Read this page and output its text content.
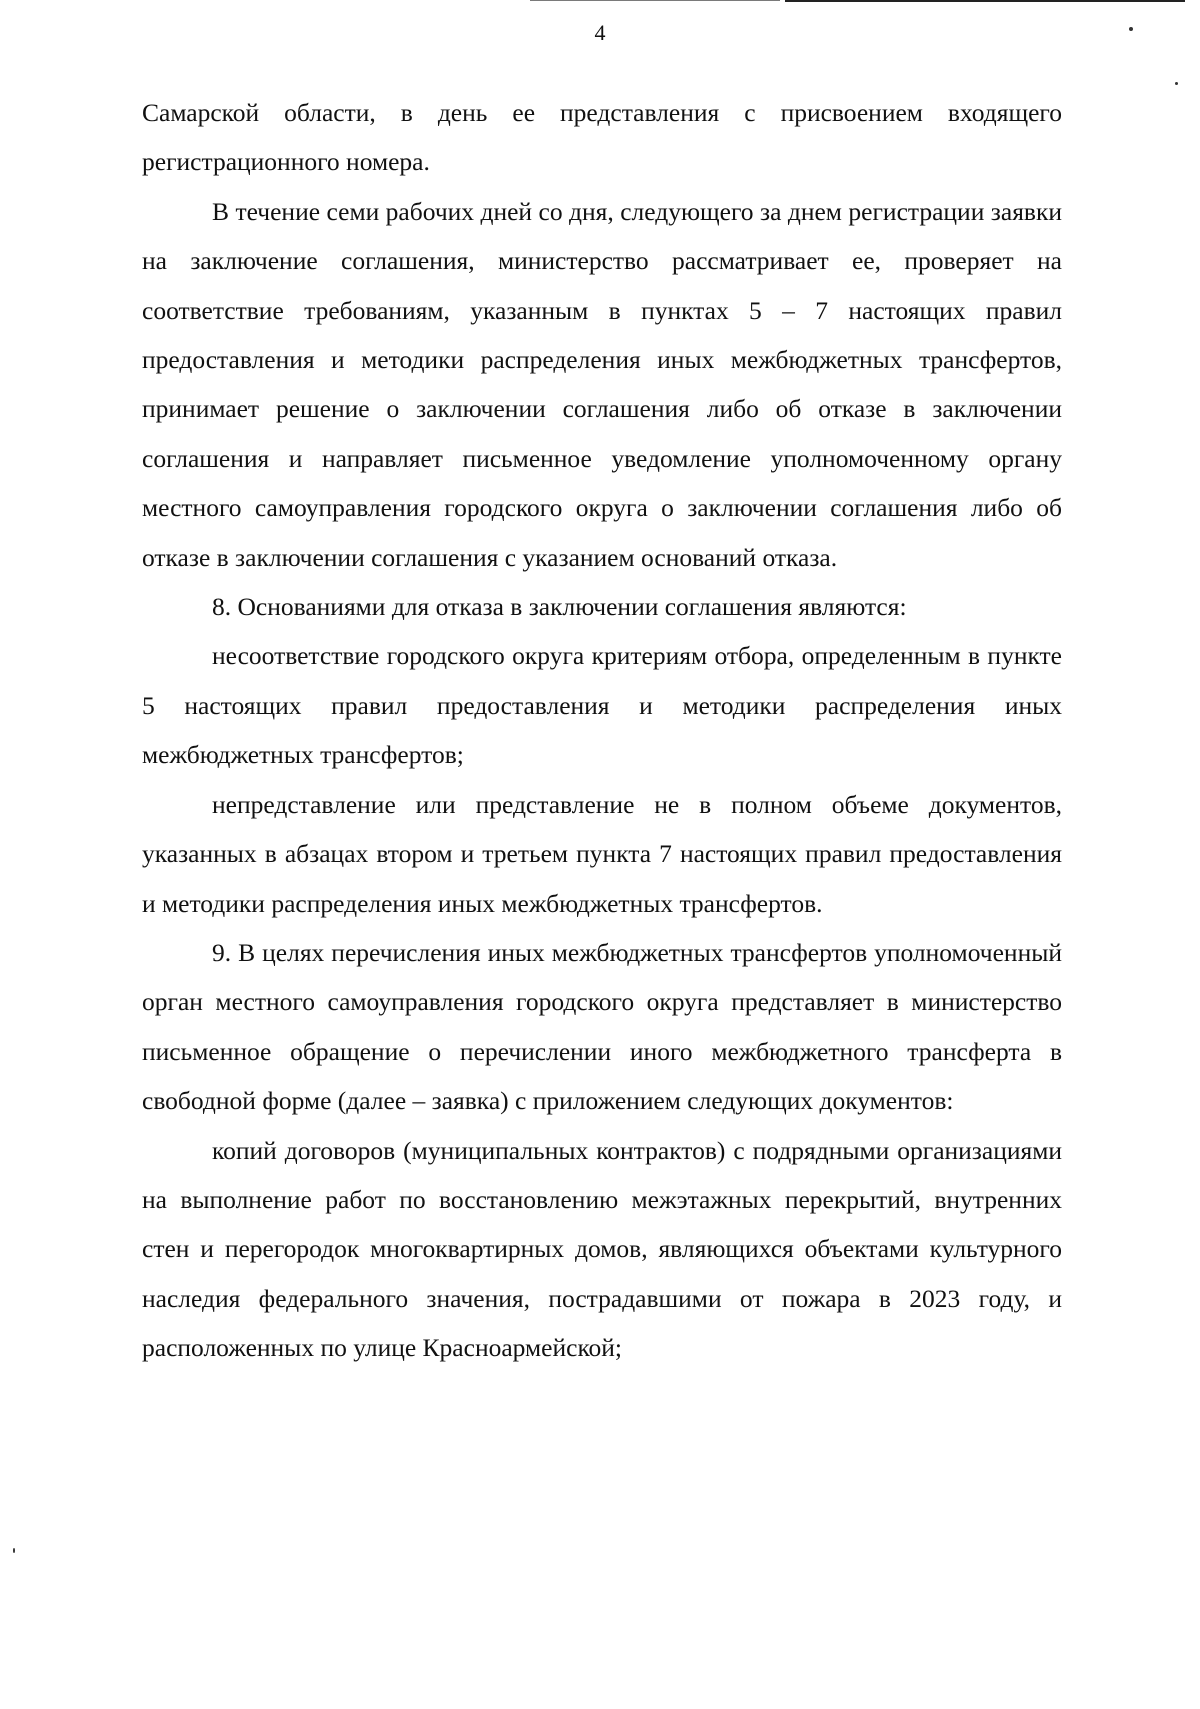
4

Самарской области, в день ее представления с присвоением входящего регистрационного номера.

В течение семи рабочих дней со дня, следующего за днем регистрации заявки на заключение соглашения, министерство рассматривает ее, проверяет на соответствие требованиям, указанным в пунктах 5 – 7 настоящих правил предоставления и методики распределения иных межбюджетных трансфертов, принимает решение о заключении соглашения либо об отказе в заключении соглашения и направляет письменное уведомление уполномоченному органу местного самоуправления городского округа о заключении соглашения либо об отказе в заключении соглашения с указанием оснований отказа.

8. Основаниями для отказа в заключении соглашения являются:

несоответствие городского округа критериям отбора, определенным в пункте 5 настоящих правил предоставления и методики распределения иных межбюджетных трансфертов;

непредставление или представление не в полном объеме документов, указанных в абзацах втором и третьем пункта 7 настоящих правил предоставления и методики распределения иных межбюджетных трансфертов.

9. В целях перечисления иных межбюджетных трансфертов уполномоченный орган местного самоуправления городского округа представляет в министерство письменное обращение о перечислении иного межбюджетного трансферта в свободной форме (далее – заявка) с приложением следующих документов:

копий договоров (муниципальных контрактов) с подрядными организациями на выполнение работ по восстановлению межэтажных перекрытий, внутренних стен и перегородок многоквартирных домов, являющихся объектами культурного наследия федерального значения, пострадавшими от пожара в 2023 году, и расположенных по улице Красноармейской;
